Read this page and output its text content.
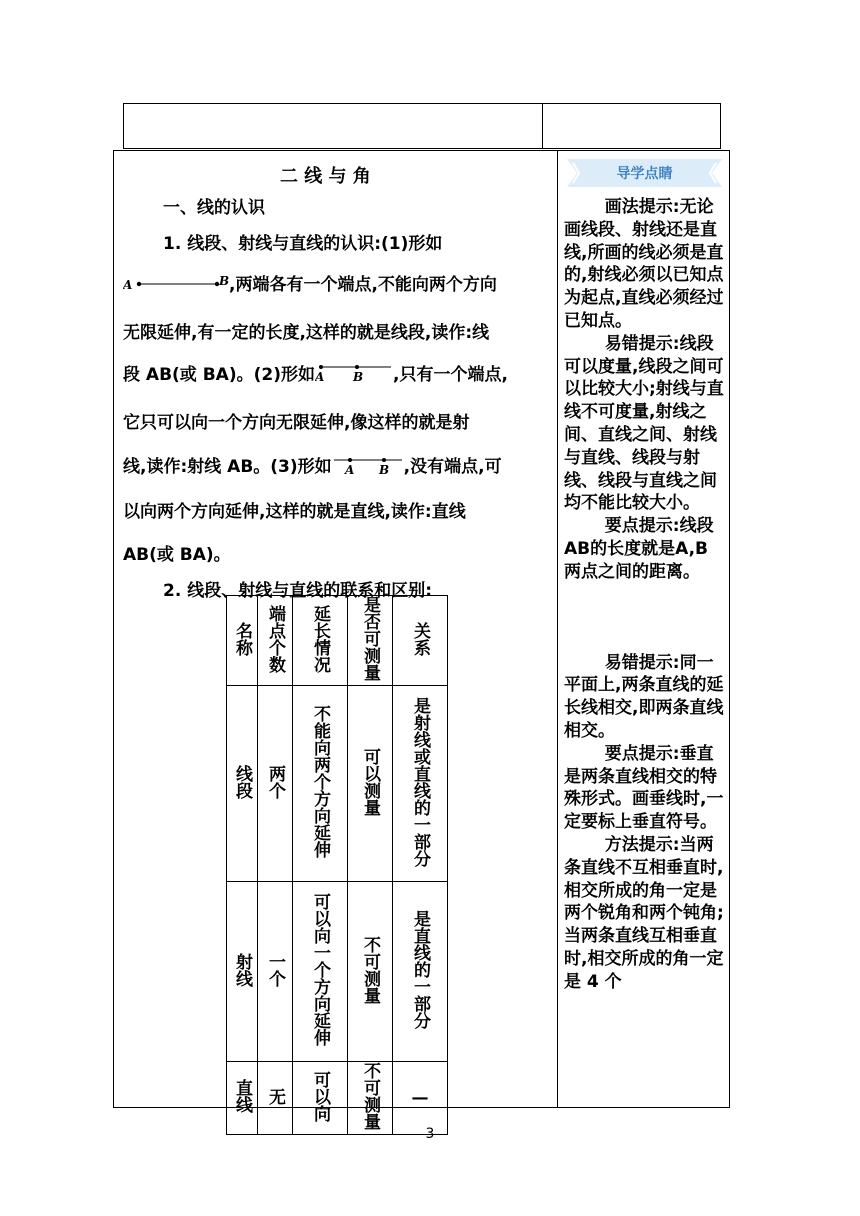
二 线 与 角
一、线的认识
1. 线段、射线与直线的认识:(1)形如
A	B ,两端各有一个端点,不能向两个方向
无限延伸,有一定的长度,这样的就是线段,读作:线
段 AB(或 BA)。(2)形如 A B ,只有一个端点,
它只可以向一个方向无限延伸,像这样的就是射
线,读作:射线 AB。(3)形如 A B ,没有端点,可
以向两个方向延伸,这样的就是直线,读作:直线
AB(或 BA)。
2. 线段、射线与直线的联系和区别:
名称	端点个数	延长情况	是否可测量	关系
线段	两个	不能向两个方向延伸	可以测量	是射线或直线的一部分
射线	一个	可以向一个方向延伸	不可测量	是直线的一部分
直线	无	可以向	不可测量	—
导学点睛

画法提示:无论画线段、射线还是直线,所画的线必须是直的,射线必须以已知点为起点,直线必须经过已知点。

易错提示:线段可以度量,线段之间可以比较大小;射线与直线不可度量,射线之间、直线之间、射线与直线、线段与射线、线段与直线之间均不能比较大小。

要点提示:线段AB的长度就是A,B 两点之间的距离。

易错提示:同一平面上,两条直线的延长线相交,即两条直线相交。

要点提示:垂直是两条直线相交的特殊形式。画垂线时,一定要标上垂直符号。

方法提示:当两条直线不互相垂直时,相交所成的角一定是两个锐角和两个钝角;当两条直线互相垂直时,相交所成的角一定是 4 个

3
